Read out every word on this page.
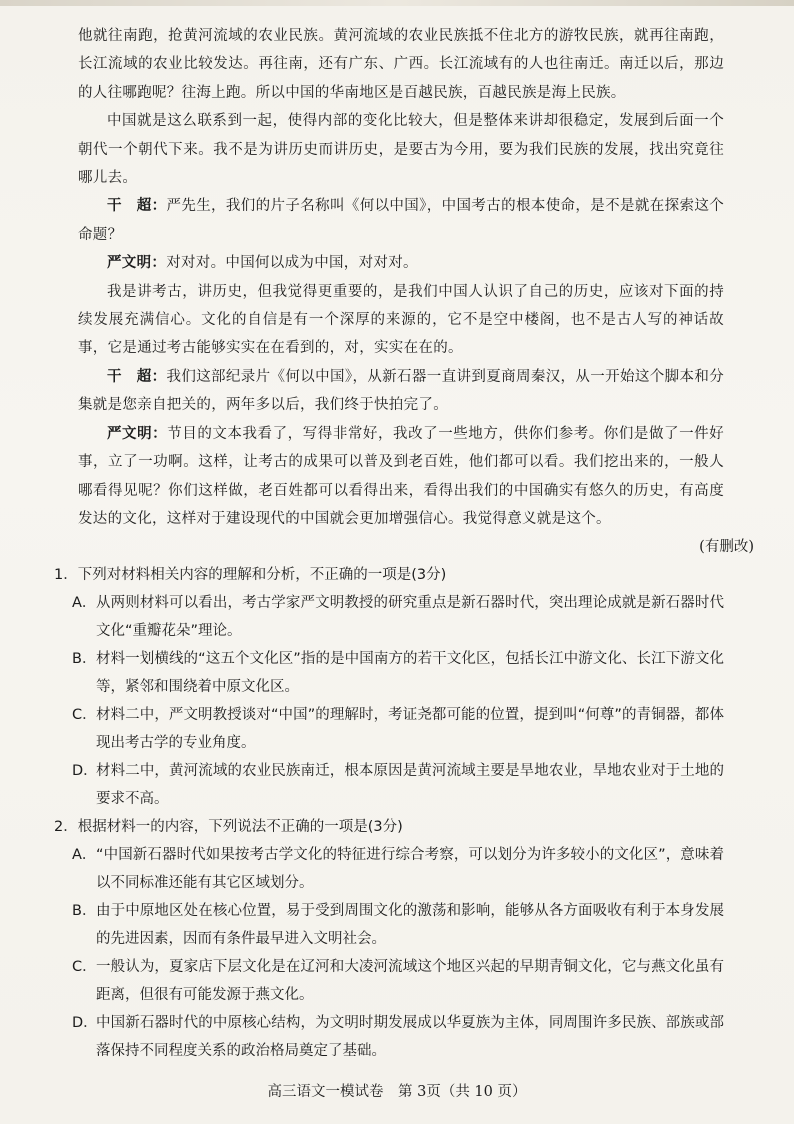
他就往南跑，抢黄河流域的农业民族。黄河流域的农业民族抵不住北方的游牧民族，就再往南跑，长江流域的农业比较发达。再往南，还有广东、广西。长江流域有的人也往南迁。南迁以后，那边的人往哪跑呢？往海上跑。所以中国的华南地区是百越民族，百越民族是海上民族。

中国就是这么联系到一起，使得内部的变化比较大，但是整体来讲却很稳定，发展到后面一个朝代一个朝代下来。我不是为讲历史而讲历史，是要古为今用，要为我们民族的发展，找出究竟往哪儿去。

干　超：严先生，我们的片子名称叫《何以中国》，中国考古的根本使命，是不是就在探索这个命题？

严文明：对对对。中国何以成为中国，对对对。

我是讲考古，讲历史，但我觉得更重要的，是我们中国人认识了自己的历史，应该对下面的持续发展充满信心。文化的自信是有一个深厚的来源的，它不是空中楼阁，也不是古人写的神话故事，它是通过考古能够实实在在看到的，对，实实在在的。

干　超：我们这部纪录片《何以中国》，从新石器一直讲到夏商周秦汉，从一开始这个脚本和分集就是您亲自把关的，两年多以后，我们终于快拍完了。

严文明：节目的文本我看了，写得非常好，我改了一些地方，供你们参考。你们是做了一件好事，立了一功啊。这样，让考古的成果可以普及到老百姓，他们都可以看。我们挖出来的，一般人哪看得见呢？你们这样做，老百姓都可以看得出来，看得出我们的中国确实有悠久的历史，有高度发达的文化，这样对于建设现代的中国就会更加增强信心。我觉得意义就是这个。

(有删改)

1．下列对材料相关内容的理解和分析，不正确的一项是(3分)

A． 从两则材料可以看出，考古学家严文明教授的研究重点是新石器时代，突出理论成就是新石器时代文化“重瓣花朵”理论。
B． 材料一划横线的“这五个文化区”指的是中国南方的若干文化区，包括长江中游文化、长江下游文化等，紧邻和围绕着中原文化区。
C． 材料二中，严文明教授谈对“中国”的理解时，考证尧都可能的位置，提到叫“何尊”的青铜器，都体现出考古学的专业角度。
D．
材料二中，黄河流域的农业民族南迁，根本原因是黄河流域主要是旱地农业，旱地农业对于土地的要求不高。

2．根据材料一的内容，下列说法不正确的一项是(3分)

A． “中国新石器时代如果按考古学文化的特征进行综合考察，可以划分为许多较小的文化区”，意味着以不同标准还能有其它区域划分。
B． 由于中原地区处在核心位置，易于受到周围文化的激荡和影响，能够从各方面吸收有利于本身发展的先进因素，因而有条件最早进入文明社会。
C． 一般认为，夏家店下层文化是在辽河和大凌河流域这个地区兴起的早期青铜文化，它与燕文化虽有距离，但很有可能发源于燕文化。
D．
中国新石器时代的中原核心结构，为文明时期发展成以华夏族为主体，同周围许多民族、部族或部落保持不同程度关系的政治格局奠定了基础。
高三语文一模试卷　第 3页（共 10 页）
